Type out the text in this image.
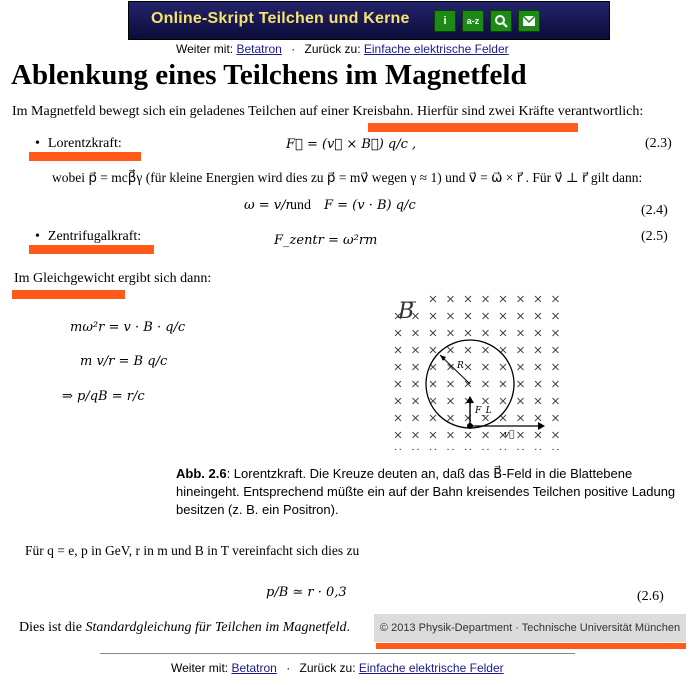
Online-Skript Teilchen und Kerne	i	a-z
Weiter mit: Betatron · Zurück zu: Einfache elektrische Felder
Ablenkung eines Teilchens im Magnetfeld
Im Magnetfeld bewegt sich ein geladenes Teilchen auf einer Kreisbahn. Hierfür sind zwei Kräfte verantwortlich:
• Lorentzkraft:	F⃗ = (v⃗ × B⃗) q/c ,	(2.3)
wobei p⃗ = mcβ⃗γ (für kleine Energien wird dies zu p⃗ = mv⃗ wegen γ ≈ 1) und v⃗ = ω⃗ × r⃗ . Für v⃗ ⊥ r⃗ gilt dann:
ω = v/r
und F = (v · B) q/c	(2.4)
• Zentrifugalkraft:	F_zentr = ω²rm	(2.5)
Im Gleichgewicht ergibt sich dann:
mω²r = v · B · q/c
m v/r = B q/c
⇒ p/qB = r/c
B
R
F_L
v⃗
Abb. 2.6: Lorentzkraft. Die Kreuze deuten an, daß das B⃗-Feld in die Blattebene hineingeht. Entsprechend müßte ein auf der Bahn kreisendes Teilchen positive Ladung besitzen (z. B. ein Positron).
Für q = e, p in GeV, r in m und B in T vereinfacht sich dies zu
p/B ≃ r · 0,3	(2.6)
Dies ist die Standardgleichung für Teilchen im Magnetfeld.	© 2013 Physik-Department · Technische Universität München
Weiter mit: Betatron · Zurück zu: Einfache elektrische Felder
